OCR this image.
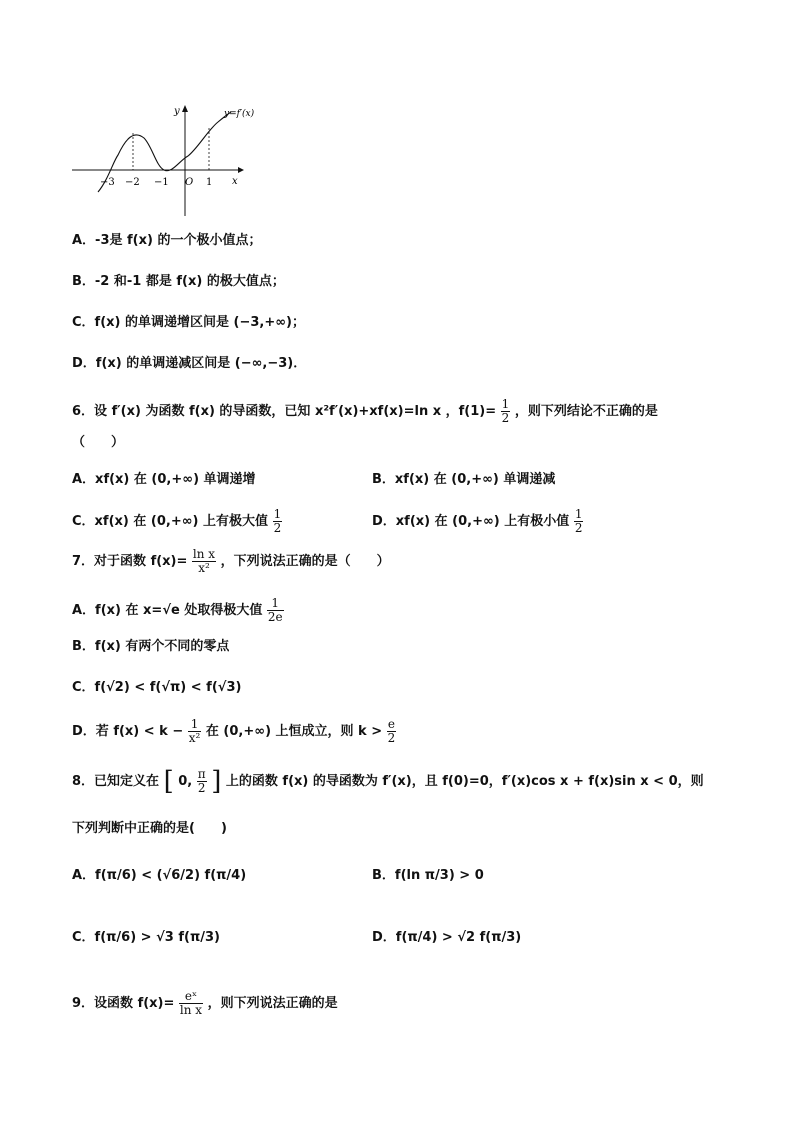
y
x
y=f′(x)
O
−3 −2 −1	1
A．-3是 f(x) 的一个极小值点；
B．-2 和-1 都是 f(x) 的极大值点；
C．f(x) 的单调递增区间是 (−3,+∞)；
D．f(x) 的单调递减区间是 (−∞,−3)．
6．设 f′(x) 为函数 f(x) 的导函数，已知 x²f′(x)+xf(x)=ln x ，$f(1)= \frac{1}{2}$ ，则下列结论不正确的是
（　　）
A．xf(x) 在 (0,+∞) 单调递增	B．xf(x) 在 (0,+∞) 单调递减
C．xf(x) 在 (0,+∞) 上有极大值 $\frac{1}{2}$	D．xf(x) 在 (0,+∞) 上有极小值 $\frac{1}{2}$
7．对于函数 $f(x)= \frac{\text{ln x}}{\text{x²}}$ ，下列说法正确的是（　　）
A．f(x) 在 x=√e 处取得极大值 $\frac{1}{2e}$
B．f(x) 有两个不同的零点
C．f(√2) < f(√π) < f(√3)
D．若 $f(x) < k - \frac{1}{\text{x²}}$ 在 (0,+∞) 上恒成立，则 $k > \frac{e}{2}$
8．已知定义在 [ 0, $\frac{\pi}{2}$ ] 上的函数 f(x) 的导函数为 f′(x)，且 f(0)=0，f′(x)cos x + f(x)sin x < 0，则
下列判断中正确的是(　　)
A．f(π/6) < (√6/2) f(π/4)	B．f(ln π/3) > 0
C．f(π/6) > √3 f(π/3)	D．f(π/4) > √2 f(π/3)
9．设函数 $f(x)= \frac{\text{eˣ}}{\text{ln x}}$ ，则下列说法正确的是
